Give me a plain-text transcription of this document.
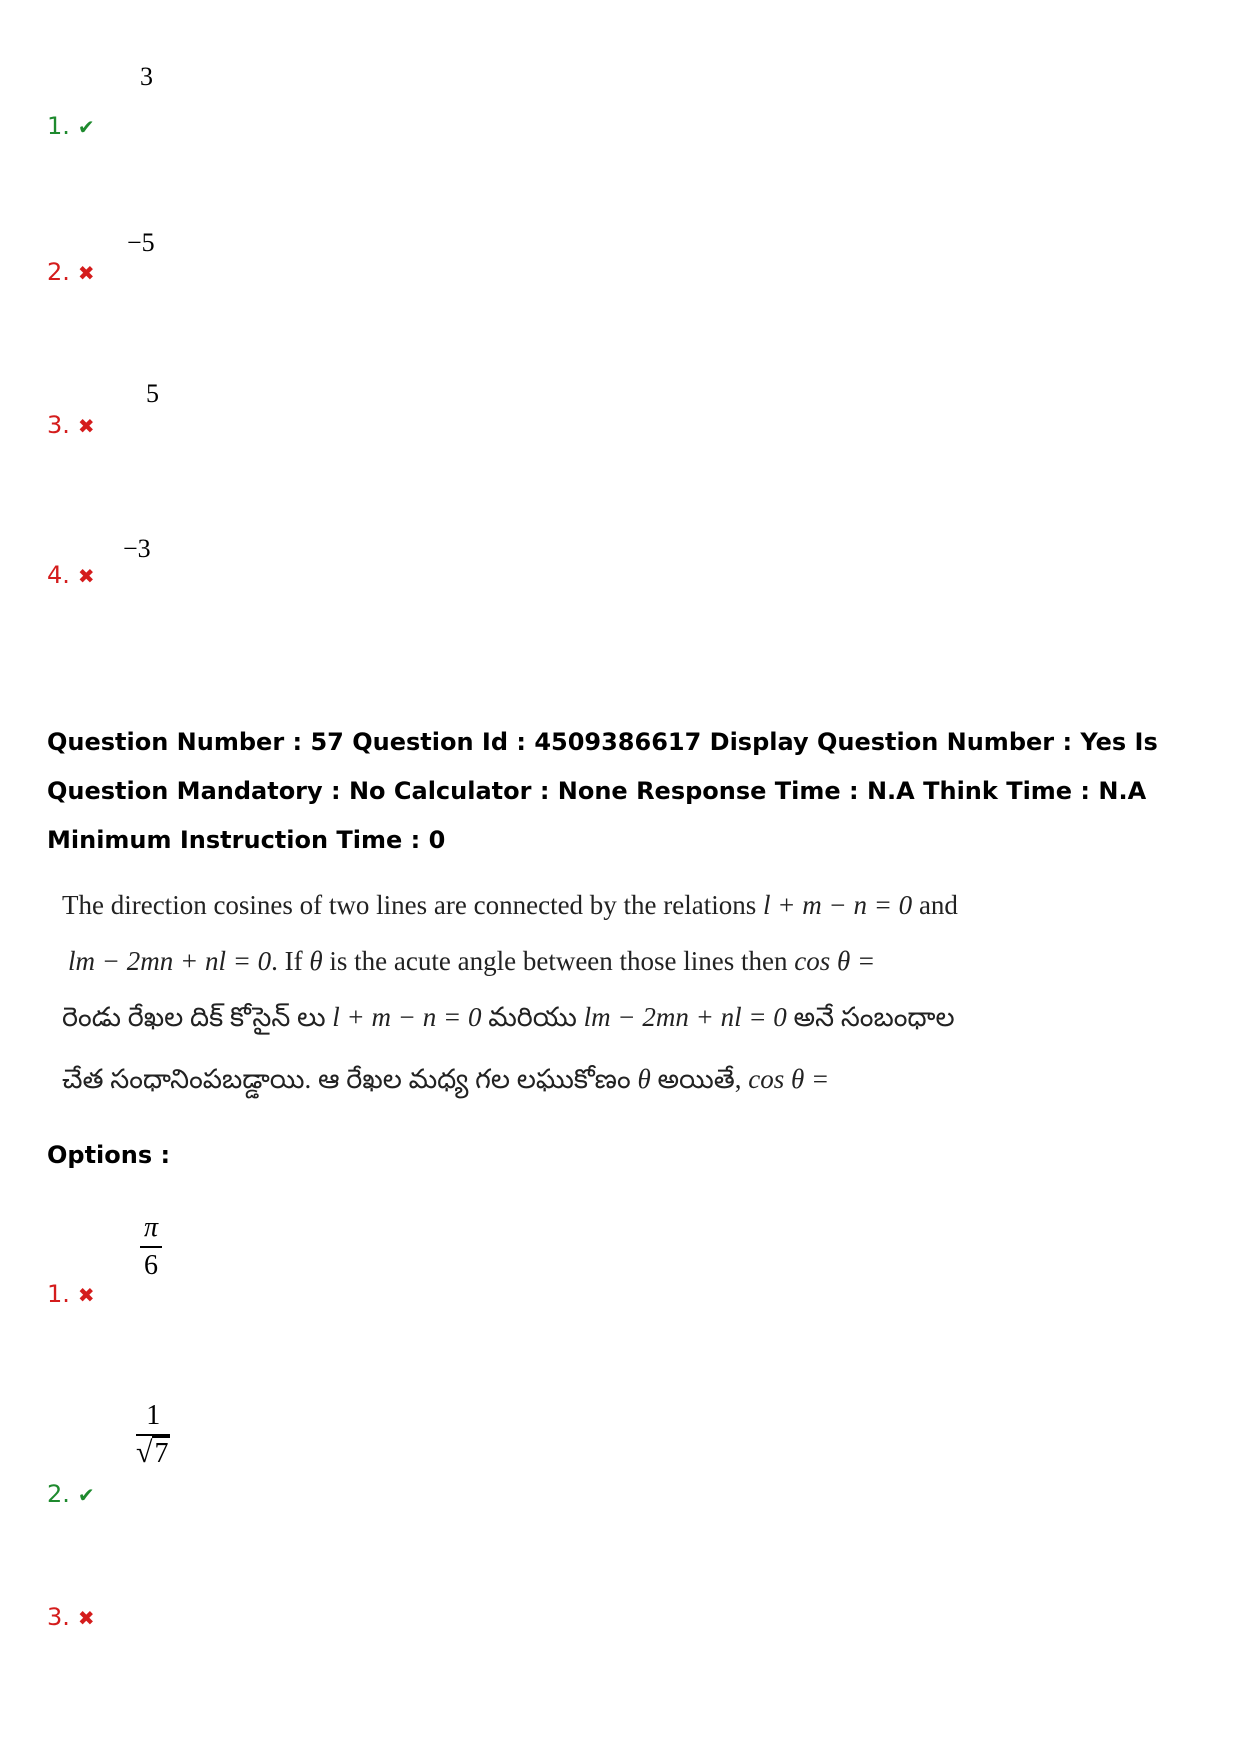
3
1. ✔
−5
2. ✖
5
3. ✖
−3
4. ✖
Question Number : 57 Question Id : 4509386617 Display Question Number : Yes Is Question Mandatory : No Calculator : None Response Time : N.A Think Time : N.A Minimum Instruction Time : 0
The direction cosines of two lines are connected by the relations l + m − n = 0 and
lm − 2mn + nl = 0. If θ is the acute angle between those lines then cos θ =
రెండు రేఖల దిక్ కోసైన్ లు l + m − n = 0 మరియు lm − 2mn + nl = 0 అనే సంబంధాల
చేత సంధానింపబడ్డాయి. ఆ రేఖల మధ్య గల లఘుకోణం θ అయితే, cos θ =
Options :
$\frac{\pi}{6}$
1. ✖
$\frac{1}{√ 7}$
2. ✔
3. ✖
